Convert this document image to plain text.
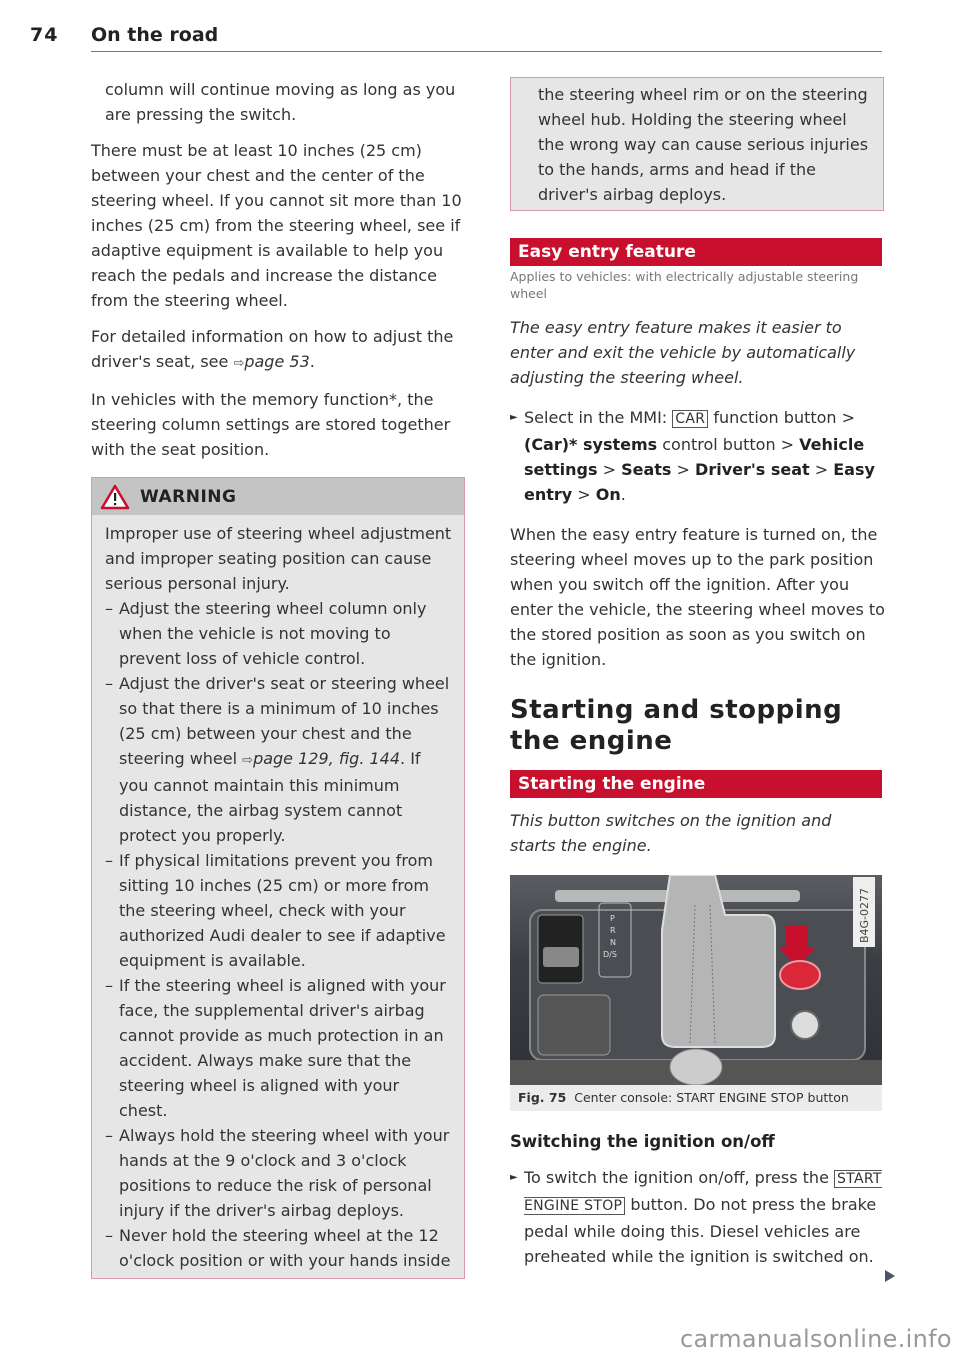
74 On the road

column will continue moving as long as you are pressing the switch.

There must be at least 10 inches (25 cm) between your chest and the center of the steering wheel. If you cannot sit more than 10 inches (25 cm) from the steering wheel, see if adaptive equipment is available to help you reach the pedals and increase the distance from the steering wheel.

For detailed information on how to adjust the driver's seat, see ⇨page 53.

In vehicles with the memory function*, the steering column settings are stored together with the seat position.

WARNING
Improper use of steering wheel adjustment and improper seating position can cause serious personal injury.
– Adjust the steering wheel column only when the vehicle is not moving to prevent loss of vehicle control.
– Adjust the driver's seat or steering wheel so that there is a minimum of 10 inches (25 cm) between your chest and the steering wheel ⇨page 129, fig. 144. If you cannot maintain this minimum distance, the airbag system cannot protect you properly.
– If physical limitations prevent you from sitting 10 inches (25 cm) or more from the steering wheel, check with your authorized Audi dealer to see if adaptive equipment is available.
– If the steering wheel is aligned with your face, the supplemental driver's airbag cannot provide as much protection in an accident. Always make sure that the steering wheel is aligned with your chest.
– Always hold the steering wheel with your hands at the 9 o'clock and 3 o'clock positions to reduce the risk of personal injury if the driver's airbag deploys.
– Never hold the steering wheel at the 12 o'clock position or with your hands inside
the steering wheel rim or on the steering wheel hub. Holding the steering wheel the wrong way can cause serious injuries to the hands, arms and head if the driver's airbag deploys.
Easy entry feature
Applies to vehicles: with electrically adjustable steering wheel

The easy entry feature makes it easier to enter and exit the vehicle by automatically adjusting the steering wheel.

► Select in the MMI: CAR function button > (Car)* systems control button > Vehicle settings > Seats > Driver's seat > Easy entry > On.

When the easy entry feature is turned on, the steering wheel moves up to the park position when you switch off the ignition. After you enter the vehicle, the steering wheel moves to the stored position as soon as you switch on the ignition.

Starting and stopping the engine
Starting the engine
This button switches on the ignition and starts the engine.
P
R
N
D/S
B4G-0277
Fig. 75 Center console: START ENGINE STOP button
Switching the ignition on/off
► To switch the ignition on/off, press the START ENGINE STOP button. Do not press the brake pedal while doing this. Diesel vehicles are preheated while the ignition is switched on.
carmanualsonline.info
